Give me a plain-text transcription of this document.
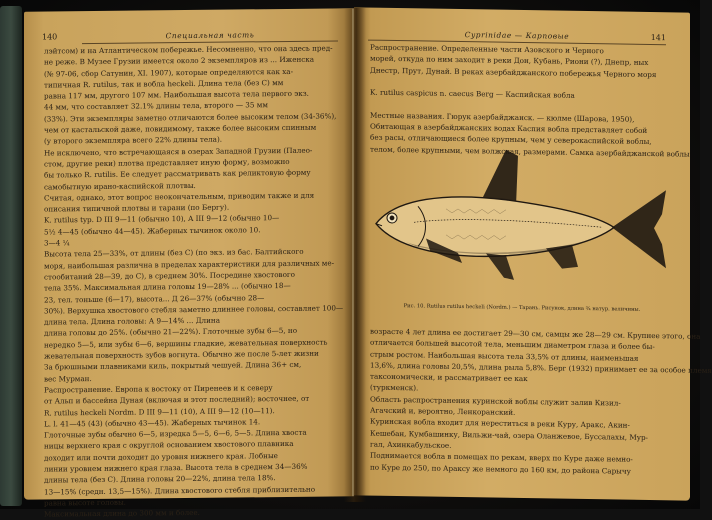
140	Специальная часть
лэйтсом) и на Атлантическом побережье. Несомненно, что она здесь пред-
не реже. В Музее Грузии имеется около 2 экземпляров из ... Иженска
(№ 97-06, сбор Сатунин, XI. 1907), которые определяются как ха-
типичная R. rutilus, так и вобла heckeli. Длина тела (без С) мм
равна 117 мм, другого 107 мм. Наибольшая высота тела первого экз.
44 мм, что составляет 32.1% длины тела, второго — 35 мм
(33%). Эти экземпляры заметно отличаются более высоким телом (34-36%),
чем от кастальской даже, повидимому, также более высоким спинным
(у второго экземпляра всего 22% длины тела).
Не исключено, что встречающаяся в озерах Западной Грузии (Палео-
стом, другие реки) плотва представляет иную форму, возможно
бы только R. rutilis. Ее следует рассматривать как реликтовую форму
самобытную ирано-каспийской плотвы.
Считая, однако, этот вопрос неокончательным, приводим также и для
описания типичной плотвы и тарани (по Бергу).
K. rutilus typ. D III 9—11 (обычно 10), A III 9—12 (обычно 10—
5½ 4—45 (обычно 44—45). Жаберных тычинок около 10.
3—4 ¼
Высота тела 25—33%, от длины (без С) (по экз. из бас. Балтийского
моря, наибольшая различна в пределах характеристики для различных ме-
стообитаний 28—39, до С), в среднем 30%. Посредине хвостового
тела 35%. Максимальная длина головы 19—28% ... (обычно 18—
23, тел. тоньше (6—17), высота... Д 26—37% (обычно 28—
30%). Верхушка хвостового стебля заметно длиннее головы, составляет 100—
длина тела. Длина головы: А 9—14% ... Длина
длина головы до 25%. (обычно 21—22%). Глоточные зубы 6—5, но
нередко 5—5, или зубы 6—6, вершины гладкие, жевательная поверхность
жевательная поверхность зубов вогнута. Обычно же после 5-лет жизни
За брюшными плавниками киль, покрытый чешуей. Длина 36+ см,
вес Мурман.
Распространение. Европа к востоку от Пиренеев и к северу
от Альп и бассейна Дуная (включая и этот последний); восточнее, от
R. rutilus heckeli Nordm. D III 9—11 (10), A III 9—12 (10—11).
L. l. 41—45 (43) (обычно 43—45). Жаберных тычинок 14.
Глоточные зубы обычно 6—5, изредка 5—5, 6—6, 5—5. Длина хвоста
ницы верхнего края с округлой основанием хвостового плавника
доходит или почти доходит до уровня нижнего края. Лобные
линии уровнем нижнего края глаза. Высота тела в среднем 34—36%
длины тела (без С). Длина головы 20—22%, длина тела 18%.
13—15% (средн. 13,5—15%). Длина хвостового стебля приблизительно
равна высоте головы.
Максимальная длина до 300 мм и более.
Cyprinidae — Карповые	141
Распространение. Определенные части Азовского и Черного
морей, откуда по ним заходит в реки Дон, Кубань, Риони (?), Днепр, ных
Днестр, Прут, Дунай. В реках азербайджанского побережья Черного моря

K. rutilus caspicus n. caecus Berg — Каспийская вобла

Местные названия. Гюрук азербайджанск. — кюлме (Шарова, 1950),
Обитающая в азербайджанских водах Каспия вобла представляет собой
без расы, отличающиеся более крупным, чем у северокаспийской воблы,
телом, более крупными, чем волжская, размерами. Самка азербайджанской воблы
Рис. 10. Rutilus rutilus heckeli (Nordm.) — Тарань. Рисунок, длина ¾ натур. величины.
возрасте 4 лет длина ее достигает 29—30 см, самцы же 28—29 см. Крупнее этого, она
отличается большей высотой тела, меньшим диаметром глаза и более бы-
стрым ростом. Наибольшая высота тела 33,5% от длины, наименьшая
13,6%, длина головы 20,5%, длина рыла 5,8%. Берг (1932) принимает ее за особое племя
таксономически, и рассматривает ее как
(туркменск).
Область распространения куринской воблы служит залив Кизил-
Агачский и, вероятно, Ленкоранский.
Куринская вобла входит для нереститься в реки Куру, Аракс, Акин-
Кешебан, Кумбашинку, Вильжи-чай, озера Оланжевое, Буссалахы, Мур-
гал, Ахинкабульское.
Поднимается вобла в помещах по рекам, вверх по Куре даже немно-
по Куре до 250, по Араксу же немного до 160 км, до района Сарычу
